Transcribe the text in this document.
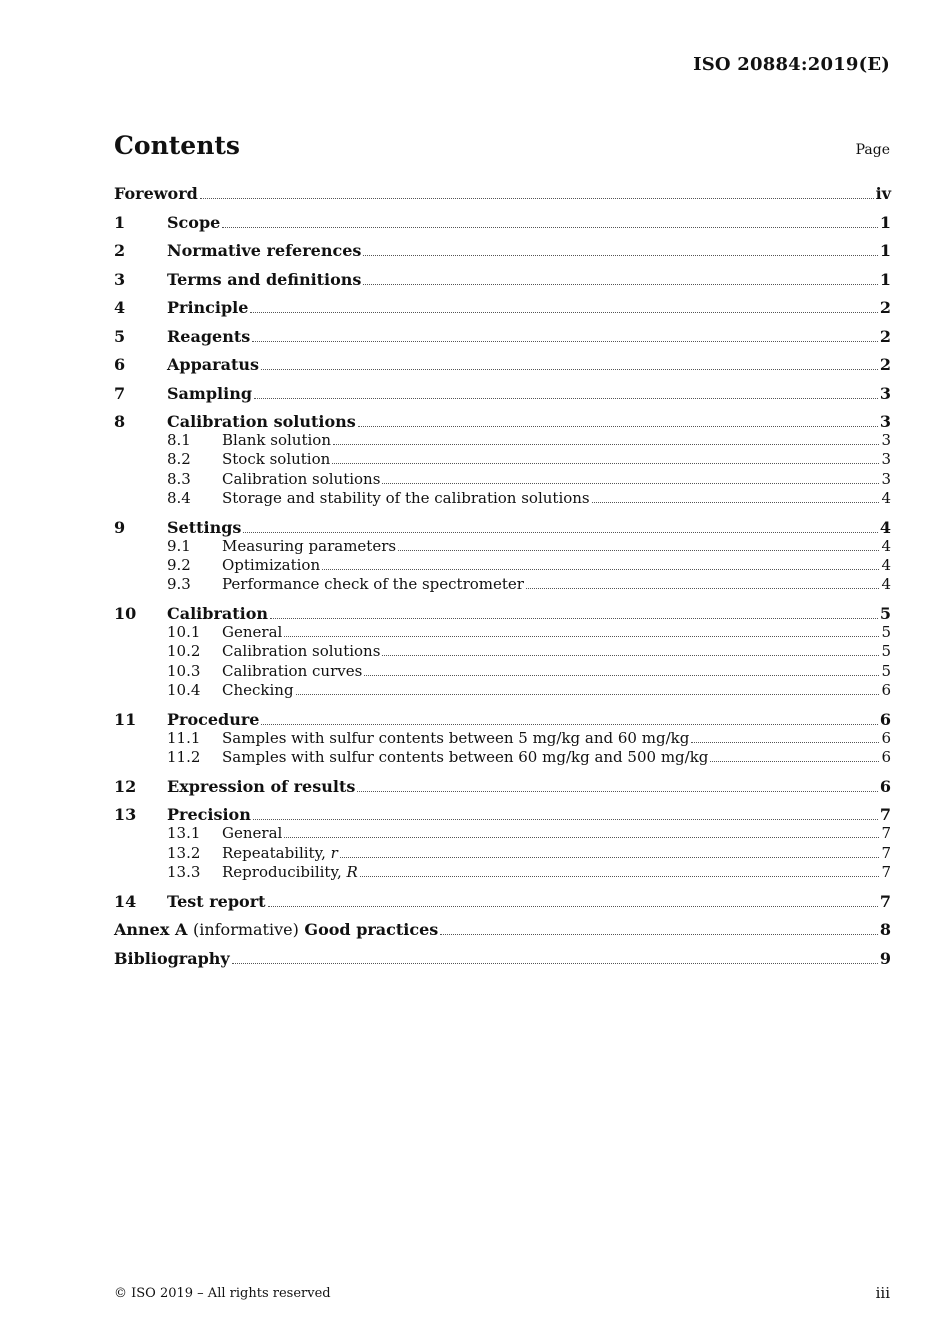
ISO 20884:2019(E)
Contents	Page
Foreword	iv
1	Scope	1
2	Normative references	1
3	Terms and definitions	1
4	Principle	2
5	Reagents	2
6	Apparatus	2
7	Sampling	3
8	Calibration solutions	3
8.1	Blank solution	3
8.2	Stock solution	3
8.3	Calibration solutions	3
8.4	Storage and stability of the calibration solutions	4
9	Settings	4
9.1	Measuring parameters	4
9.2	Optimization	4
9.3	Performance check of the spectrometer	4
10	Calibration	5
10.1	General	5
10.2	Calibration solutions	5
10.3	Calibration curves	5
10.4	Checking	6
11	Procedure	6
11.1	Samples with sulfur contents between 5 mg/kg and 60 mg/kg	6
11.2	Samples with sulfur contents between 60 mg/kg and 500 mg/kg	6
12	Expression of results	6
13	Precision	7
13.1	General	7
13.2	Repeatability, r	7
13.3	Reproducibility, R	7
14	Test report	7
Annex A (informative) Good practices	8
Bibliography	9
© ISO 2019 – All rights reserved	iii
